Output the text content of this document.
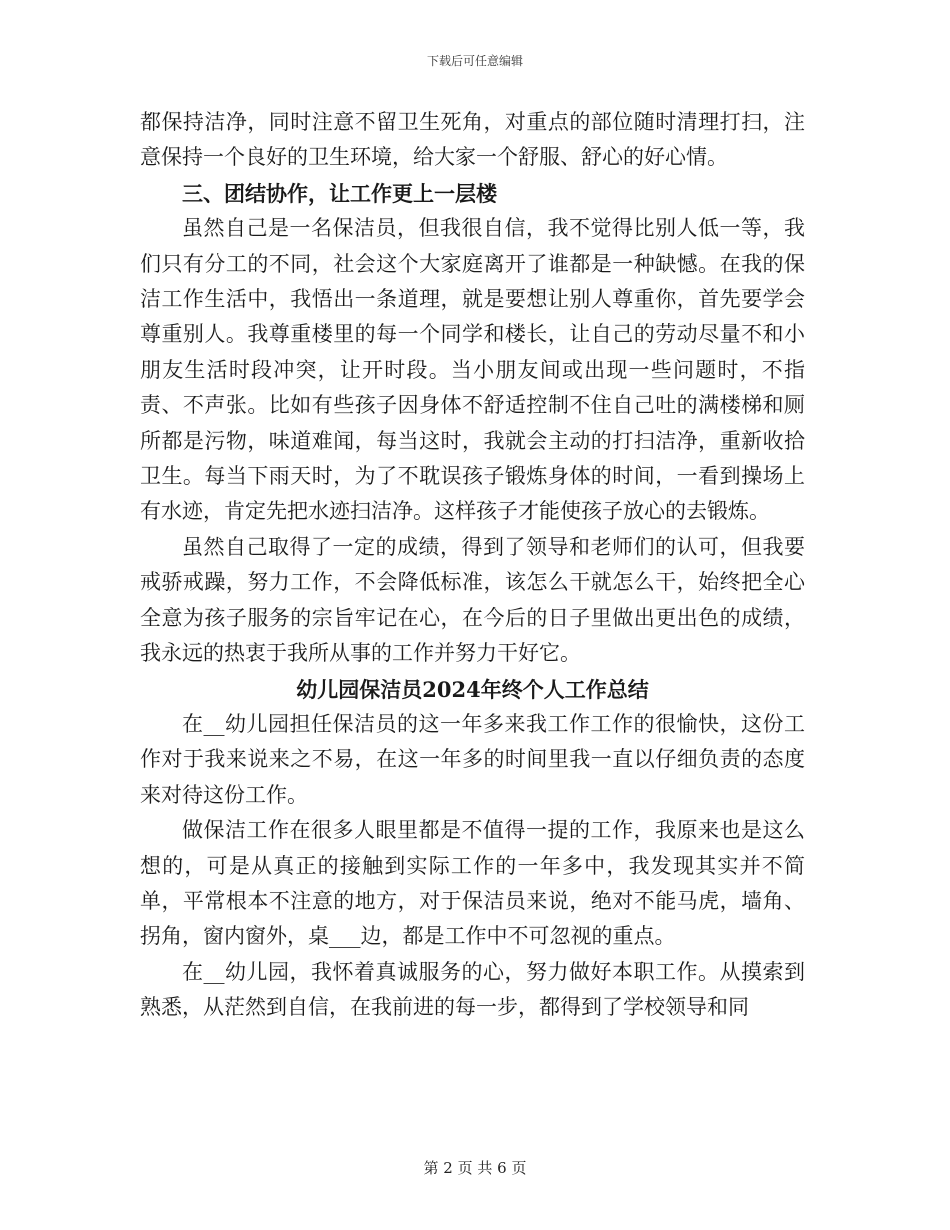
下载后可任意编辑

都保持洁净，同时注意不留卫生死角，对重点的部位随时清理打扫，注意保持一个良好的卫生环境，给大家一个舒服、舒心的好心情。

三、团结协作，让工作更上一层楼

虽然自己是一名保洁员，但我很自信，我不觉得比别人低一等，我们只有分工的不同，社会这个大家庭离开了谁都是一种缺憾。在我的保洁工作生活中，我悟出一条道理，就是要想让别人尊重你，首先要学会尊重别人。我尊重楼里的每一个同学和楼长，让自己的劳动尽量不和小朋友生活时段冲突，让开时段。当小朋友间或出现一些问题时，不指责、不声张。比如有些孩子因身体不舒适控制不住自己吐的满楼梯和厕所都是污物，味道难闻，每当这时，我就会主动的打扫洁净，重新收拾卫生。每当下雨天时，为了不耽误孩子锻炼身体的时间，一看到操场上有水迹，肯定先把水迹扫洁净。这样孩子才能使孩子放心的去锻炼。

虽然自己取得了一定的成绩，得到了领导和老师们的认可，但我要戒骄戒躁，努力工作，不会降低标准，该怎么干就怎么干，始终把全心全意为孩子服务的宗旨牢记在心，在今后的日子里做出更出色的成绩，我永远的热衷于我所从事的工作并努力干好它。

幼儿园保洁员2024年终个人工作总结

在__幼儿园担任保洁员的这一年多来我工作工作的很愉快，这份工作对于我来说来之不易，在这一年多的时间里我一直以仔细负责的态度来对待这份工作。

做保洁工作在很多人眼里都是不值得一提的工作，我原来也是这么想的，可是从真正的接触到实际工作的一年多中，我发现其实并不简单，平常根本不注意的地方，对于保洁员来说，绝对不能马虎，墙角、拐角，窗内窗外，桌___边，都是工作中不可忽视的重点。

在__幼儿园，我怀着真诚服务的心，努力做好本职工作。从摸索到熟悉，从茫然到自信，在我前进的每一步，都得到了学校领导和同

第 2 页 共 6 页
